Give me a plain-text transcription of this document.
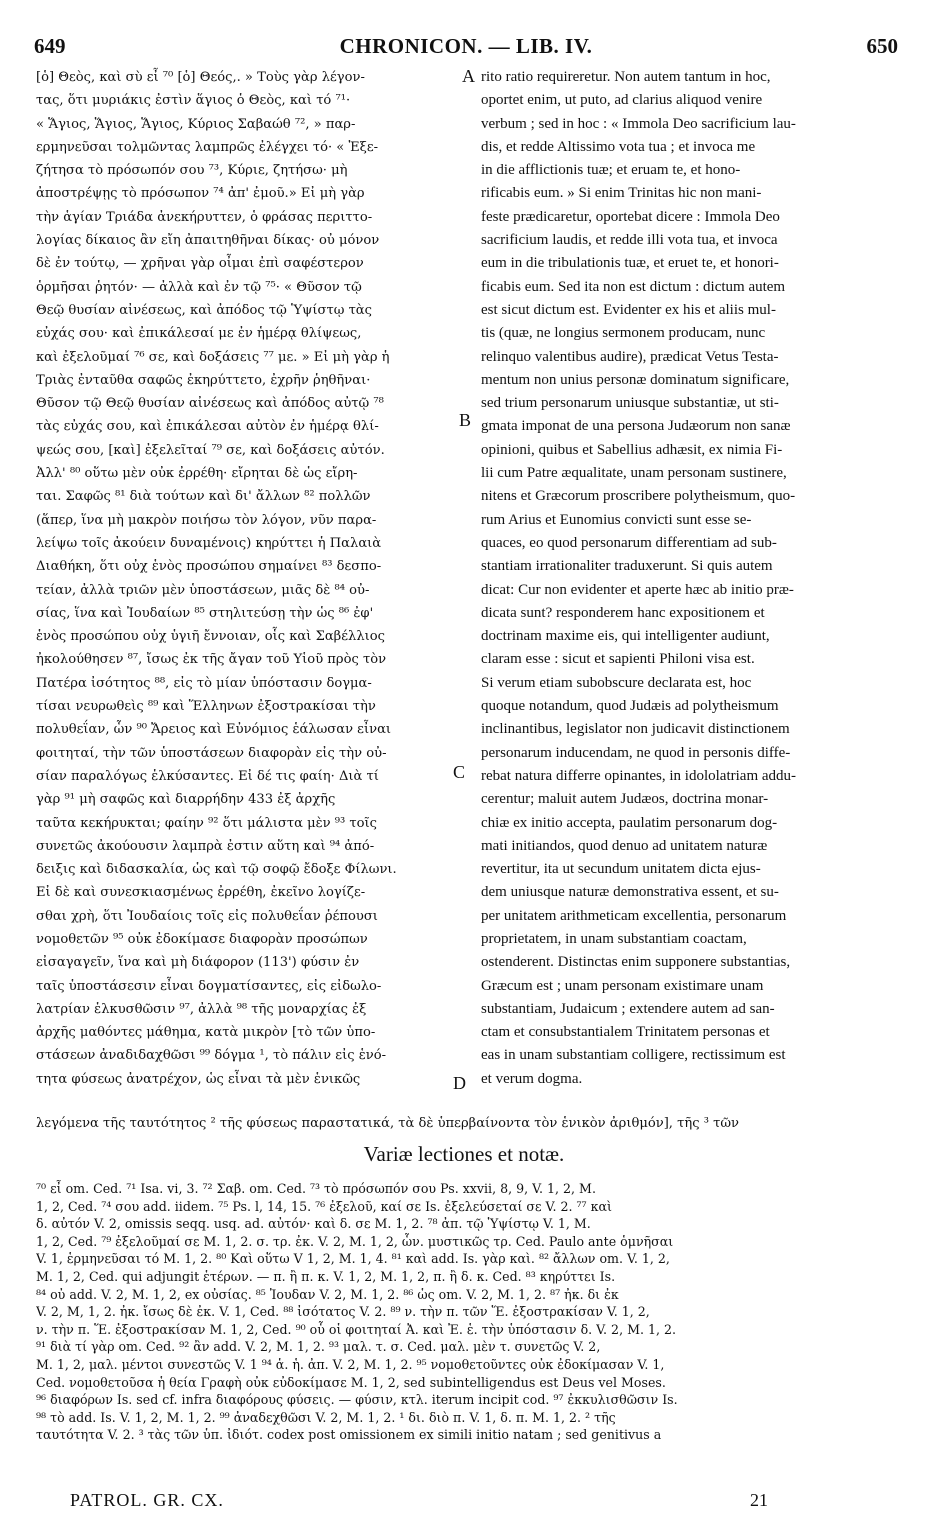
649	CHRONICON. — LIB. IV.	650
[ὁ] Θεὸς, καὶ σὺ εἶ ⁷⁰ [ὁ] Θεός,. » Τοὺς γὰρ λέγον-
τας, ὅτι μυριάκις ἐστὶν ἅγιος ὁ Θεὸς, καὶ τό ⁷¹·
« Ἅγιος, Ἅγιος, Ἅγιος, Κύριος Σαβαώθ ⁷², » παρ-
ερμηνεῦσαι τολμῶντας λαμπρῶς ἐλέγχει τό· « Ἐξε-
ζήτησα τὸ πρόσωπόν σου ⁷³, Κύριε, ζητήσω· μὴ
ἀποστρέψῃς τὸ πρόσωπον ⁷⁴ ἀπ' ἐμοῦ.» Εἰ μὴ γὰρ
τὴν ἁγίαν Τριάδα ἀνεκήρυττεν, ὁ φράσας περιττο-
λογίας δίκαιος ἂν εἴη ἀπαιτηθῆναι δίκας· οὐ μόνον
δὲ ἐν τούτῳ, — χρῆναι γὰρ οἶμαι ἐπὶ σαφέστερον
ὁρμῆσαι ῥητόν· — ἀλλὰ καὶ ἐν τῷ ⁷⁵· « Θῦσον τῷ
Θεῷ θυσίαν αἰνέσεως, καὶ ἀπόδος τῷ Ὑψίστῳ τὰς
εὐχάς σου· καὶ ἐπικάλεσαί με ἐν ἡμέρᾳ θλίψεως,
καὶ ἐξελοῦμαί ⁷⁶ σε, καὶ δοξάσεις ⁷⁷ με. » Εἰ μὴ γὰρ ἡ
Τριὰς ἐνταῦθα σαφῶς ἐκηρύττετο, ἐχρῆν ῥηθῆναι·
Θῦσον τῷ Θεῷ θυσίαν αἰνέσεως καὶ ἀπόδος αὐτῷ ⁷⁸
τὰς εὐχάς σου, καὶ ἐπικάλεσαι αὐτὸν ἐν ἡμέρᾳ θλί-
ψεώς σου, [καὶ] ἐξελεῖταί ⁷⁹ σε, καὶ δοξάσεις αὐτόν.
Ἀλλ' ⁸⁰ οὕτω μὲν οὐκ ἐρρέθη· εἴρηται δὲ ὡς εἴρη-
ται. Σαφῶς ⁸¹ διὰ τούτων καὶ δι' ἄλλων ⁸² πολλῶν
(ἅπερ, ἵνα μὴ μακρὸν ποιήσω τὸν λόγον, νῦν παρα-
λείψω τοῖς ἀκούειν δυναμένοις) κηρύττει ἡ Παλαιὰ
Διαθήκη, ὅτι οὐχ ἑνὸς προσώπου σημαίνει ⁸³ δεσπο-
τείαν, ἀλλὰ τριῶν μὲν ὑποστάσεων, μιᾶς δὲ ⁸⁴ οὐ-
σίας, ἵνα καὶ Ἰουδαίων ⁸⁵ στηλιτεύσῃ τὴν ὡς ⁸⁶ ἐφ'
ἑνὸς προσώπου οὐχ ὑγιῆ ἔννοιαν, οἷς καὶ Σαβέλλιος
ἠκολούθησεν ⁸⁷, ἴσως ἐκ τῆς ἄγαν τοῦ Υἱοῦ πρὸς τὸν
Πατέρα ἰσότητος ⁸⁸, εἰς τὸ μίαν ὑπόστασιν δογμα-
τίσαι νευρωθεὶς ⁸⁹ καὶ Ἕλληνων ἐξοστρακίσαι τὴν
πολυθεΐαν, ὧν ⁹⁰ Ἄρειος καὶ Εὐνόμιος ἑάλωσαν εἶναι
φοιτηταί, τὴν τῶν ὑποστάσεων διαφορὰν εἰς τὴν οὐ-
σίαν παραλόγως ἑλκύσαντες. Εἰ δέ τις φαίη· Διὰ τί
γὰρ ⁹¹ μὴ σαφῶς καὶ διαρρήδην 433 ἐξ ἀρχῆς
ταῦτα κεκήρυκται; φαίην ⁹² ὅτι μάλιστα μὲν ⁹³ τοῖς
συνετῶς ἀκούουσιν λαμπρὰ ἐστιν αὕτη καὶ ⁹⁴ ἀπό-
δειξις καὶ διδασκαλία, ὡς καὶ τῷ σοφῷ ἔδοξε Φίλωνι.
Εἰ δὲ καὶ συνεσκιασμένως ἐρρέθη, ἐκεῖνο λογίζε-
σθαι χρὴ, ὅτι Ἰουδαίοις τοῖς εἰς πολυθεΐαν ῥέπουσι
νομοθετῶν ⁹⁵ οὐκ ἐδοκίμασε διαφορὰν προσώπων
εἰσαγαγεῖν, ἵνα καὶ μὴ διάφορον (113') φύσιν ἐν
ταῖς ὑποστάσεσιν εἶναι δογματίσαντες, εἰς εἰδωλο-
λατρίαν ἑλκυσθῶσιν ⁹⁷, ἀλλὰ ⁹⁸ τῆς μοναρχίας ἐξ
ἀρχῆς μαθόντες μάθημα, κατὰ μικρὸν [τὸ τῶν ὑπο-
στάσεων ἀναδιδαχθῶσι ⁹⁹ δόγμα ¹, τὸ πάλιν εἰς ἑνό-
τητα φύσεως ἀνατρέχον, ὡς εἶναι τὰ μὲν ἑνικῶς
rito ratio requireretur. Non autem tantum in hoc,
oportet enim, ut puto, ad clarius aliquod venire
verbum ; sed in hoc : « Immola Deo sacrificium lau-
dis, et redde Altissimo vota tua ; et invoca me
in die afflictionis tuæ; et eruam te, et hono-
rificabis eum. » Si enim Trinitas hic non mani-
feste prædicaretur, oportebat dicere : Immola Deo
sacrificium laudis, et redde illi vota tua, et invoca
eum in die tribulationis tuæ, et eruet te, et honori-
ficabis eum. Sed ita non est dictum : dictum autem
est sicut dictum est. Evidenter ex his et aliis mul-
tis (quæ, ne longius sermonem producam, nunc
relinquo valentibus audire), prædicat Vetus Testa-
mentum non unius personæ dominatum significare,
sed trium personarum uniusque substantiæ, ut sti-
gmata imponat de una persona Judæorum non sanæ
opinioni, quibus et Sabellius adhæsit, ex nimia Fi-
lii cum Patre æqualitate, unam personam sustinere,
nitens et Græcorum proscribere polytheismum, quo-
rum Arius et Eunomius convicti sunt esse se-
quaces, eo quod personarum differentiam ad sub-
stantiam irrationaliter traduxerunt. Si quis autem
dicat: Cur non evidenter et aperte hæc ab initio præ-
dicata sunt? responderem hanc expositionem et
doctrinam maxime eis, qui intelligenter audiunt,
claram esse : sicut et sapienti Philoni visa est.
Si verum etiam subobscure declarata est, hoc
quoque notandum, quod Judæis ad polytheismum
inclinantibus, legislator non judicavit distinctionem
personarum inducendam, ne quod in personis diffe-
rebat natura differre opinantes, in idololatriam addu-
cerentur; maluit autem Judæos, doctrina monar-
chiæ ex initio accepta, paulatim personarum dog-
mati initiandos, quod denuo ad unitatem naturæ
revertitur, ita ut secundum unitatem dicta ejus-
dem uniusque naturæ demonstrativa essent, et su-
per unitatem arithmeticam excellentia, personarum
proprietatem, in unam substantiam coactam,
ostenderent. Distinctas enim supponere substantias,
Græcum est ; unam personam existimare unam
substantiam, Judaicum ; extendere autem ad san-
ctam et consubstantialem Trinitatem personas et
eas in unam substantiam colligere, rectissimum est
et verum dogma.
A
B
C
D
λεγόμενα τῆς ταυτότητος ² τῆς φύσεως παραστατικά, τὰ δὲ ὑπερβαίνοντα τὸν ἑνικὸν ἀριθμόν], τῆς ³ τῶν
Variæ lectiones et notæ.
⁷⁰ εἶ om. Ced. ⁷¹ Isa. vi, 3. ⁷² Σαβ. om. Ced. ⁷³ τὸ πρόσωπόν σου Ps. xxvii, 8, 9, V. 1, 2, M.
1, 2, Ced. ⁷⁴ σου add. iidem. ⁷⁵ Ps. l, 14, 15. ⁷⁶ ἐξελοῦ, καί σε Is. ἐξελεύσεταί σε V. 2. ⁷⁷ καὶ
δ. αὐτόν V. 2, omissis seqq. usq. ad. αὐτόν· καὶ δ. σε M. 1, 2. ⁷⁸ ἀπ. τῷ Ὑψίστῳ V. 1, M.
1, 2, Ced. ⁷⁹ ἐξελοῦμαί σε M. 1, 2. σ. τρ. ἐκ. V. 2, M. 1, 2, ὧν. μυστικῶς τρ. Ced. Paulo ante ὁμνῆσαι
V. 1, ἑρμηνεῦσαι τό M. 1, 2. ⁸⁰ Καὶ οὕτω V 1, 2, M. 1, 4. ⁸¹ καὶ add. Is. γὰρ καὶ. ⁸² ἄλλων om. V. 1, 2,
M. 1, 2, Ced. qui adjungit ἑτέρων. — π. ἢ π. κ. V. 1, 2, M. 1, 2, π. ἢ δ. κ. Ced. ⁸³ κηρύττει Is.
⁸⁴ οὐ add. V. 2, M. 1, 2, ex οὐσίας. ⁸⁵ Ἰουδαν V. 2, M. 1, 2. ⁸⁶ ὡς om. V. 2, M. 1, 2. ⁸⁷ ἠκ. δι ἐκ
V. 2, M, 1, 2. ἠκ. ἴσως δὲ ἐκ. V. 1, Ced. ⁸⁸ ἰσότατος V. 2. ⁸⁹ ν. τὴν π. τῶν Ἕ. ἐξοστρακίσαν V. 1, 2,
ν. τὴν π. Ἕ. ἐξοστρακίσαν M. 1, 2, Ced. ⁹⁰ οὗ οἱ φοιτηταί Ἀ. καὶ Ἐ. ἑ. τὴν ὑπόστασιν δ. V. 2, M. 1, 2.
⁹¹ διὰ τί γὰρ om. Ced. ⁹² ἂν add. V. 2, M. 1, 2. ⁹³ μαλ. τ. σ. Ced. μαλ. μὲν τ. συνετῶς V. 2,
M. 1, 2, μαλ. μέντοι συνεστῶς V. 1 ⁹⁴ ἁ. ἡ. ἀπ. V. 2, M. 1, 2. ⁹⁵ νομοθετοῦντες οὐκ ἐδοκίμασαν V. 1,
Ced. νομοθετοῦσα ἡ θεία Γραφὴ οὐκ εὐδοκίμασε M. 1, 2, sed subintelligendus est Deus vel Moses.
⁹⁶ διαφόρων Is. sed cf. infra διαφόρους φύσεις. — φύσιν, κτλ. iterum incipit cod. ⁹⁷ ἐκκυλισθῶσιν Is.
⁹⁸ τὸ add. Is. V. 1, 2, M. 1, 2. ⁹⁹ ἀναδεχθῶσι V. 2, M. 1, 2. ¹ δι. διὸ π. V. 1, δ. π. M. 1, 2. ² τῆς
ταυτότητα V. 2. ³ τὰς τῶν ὑπ. ἰδιότ. codex post omissionem ex simili initio natam ; sed genitivus a
PATROL. GR. CX.	21
